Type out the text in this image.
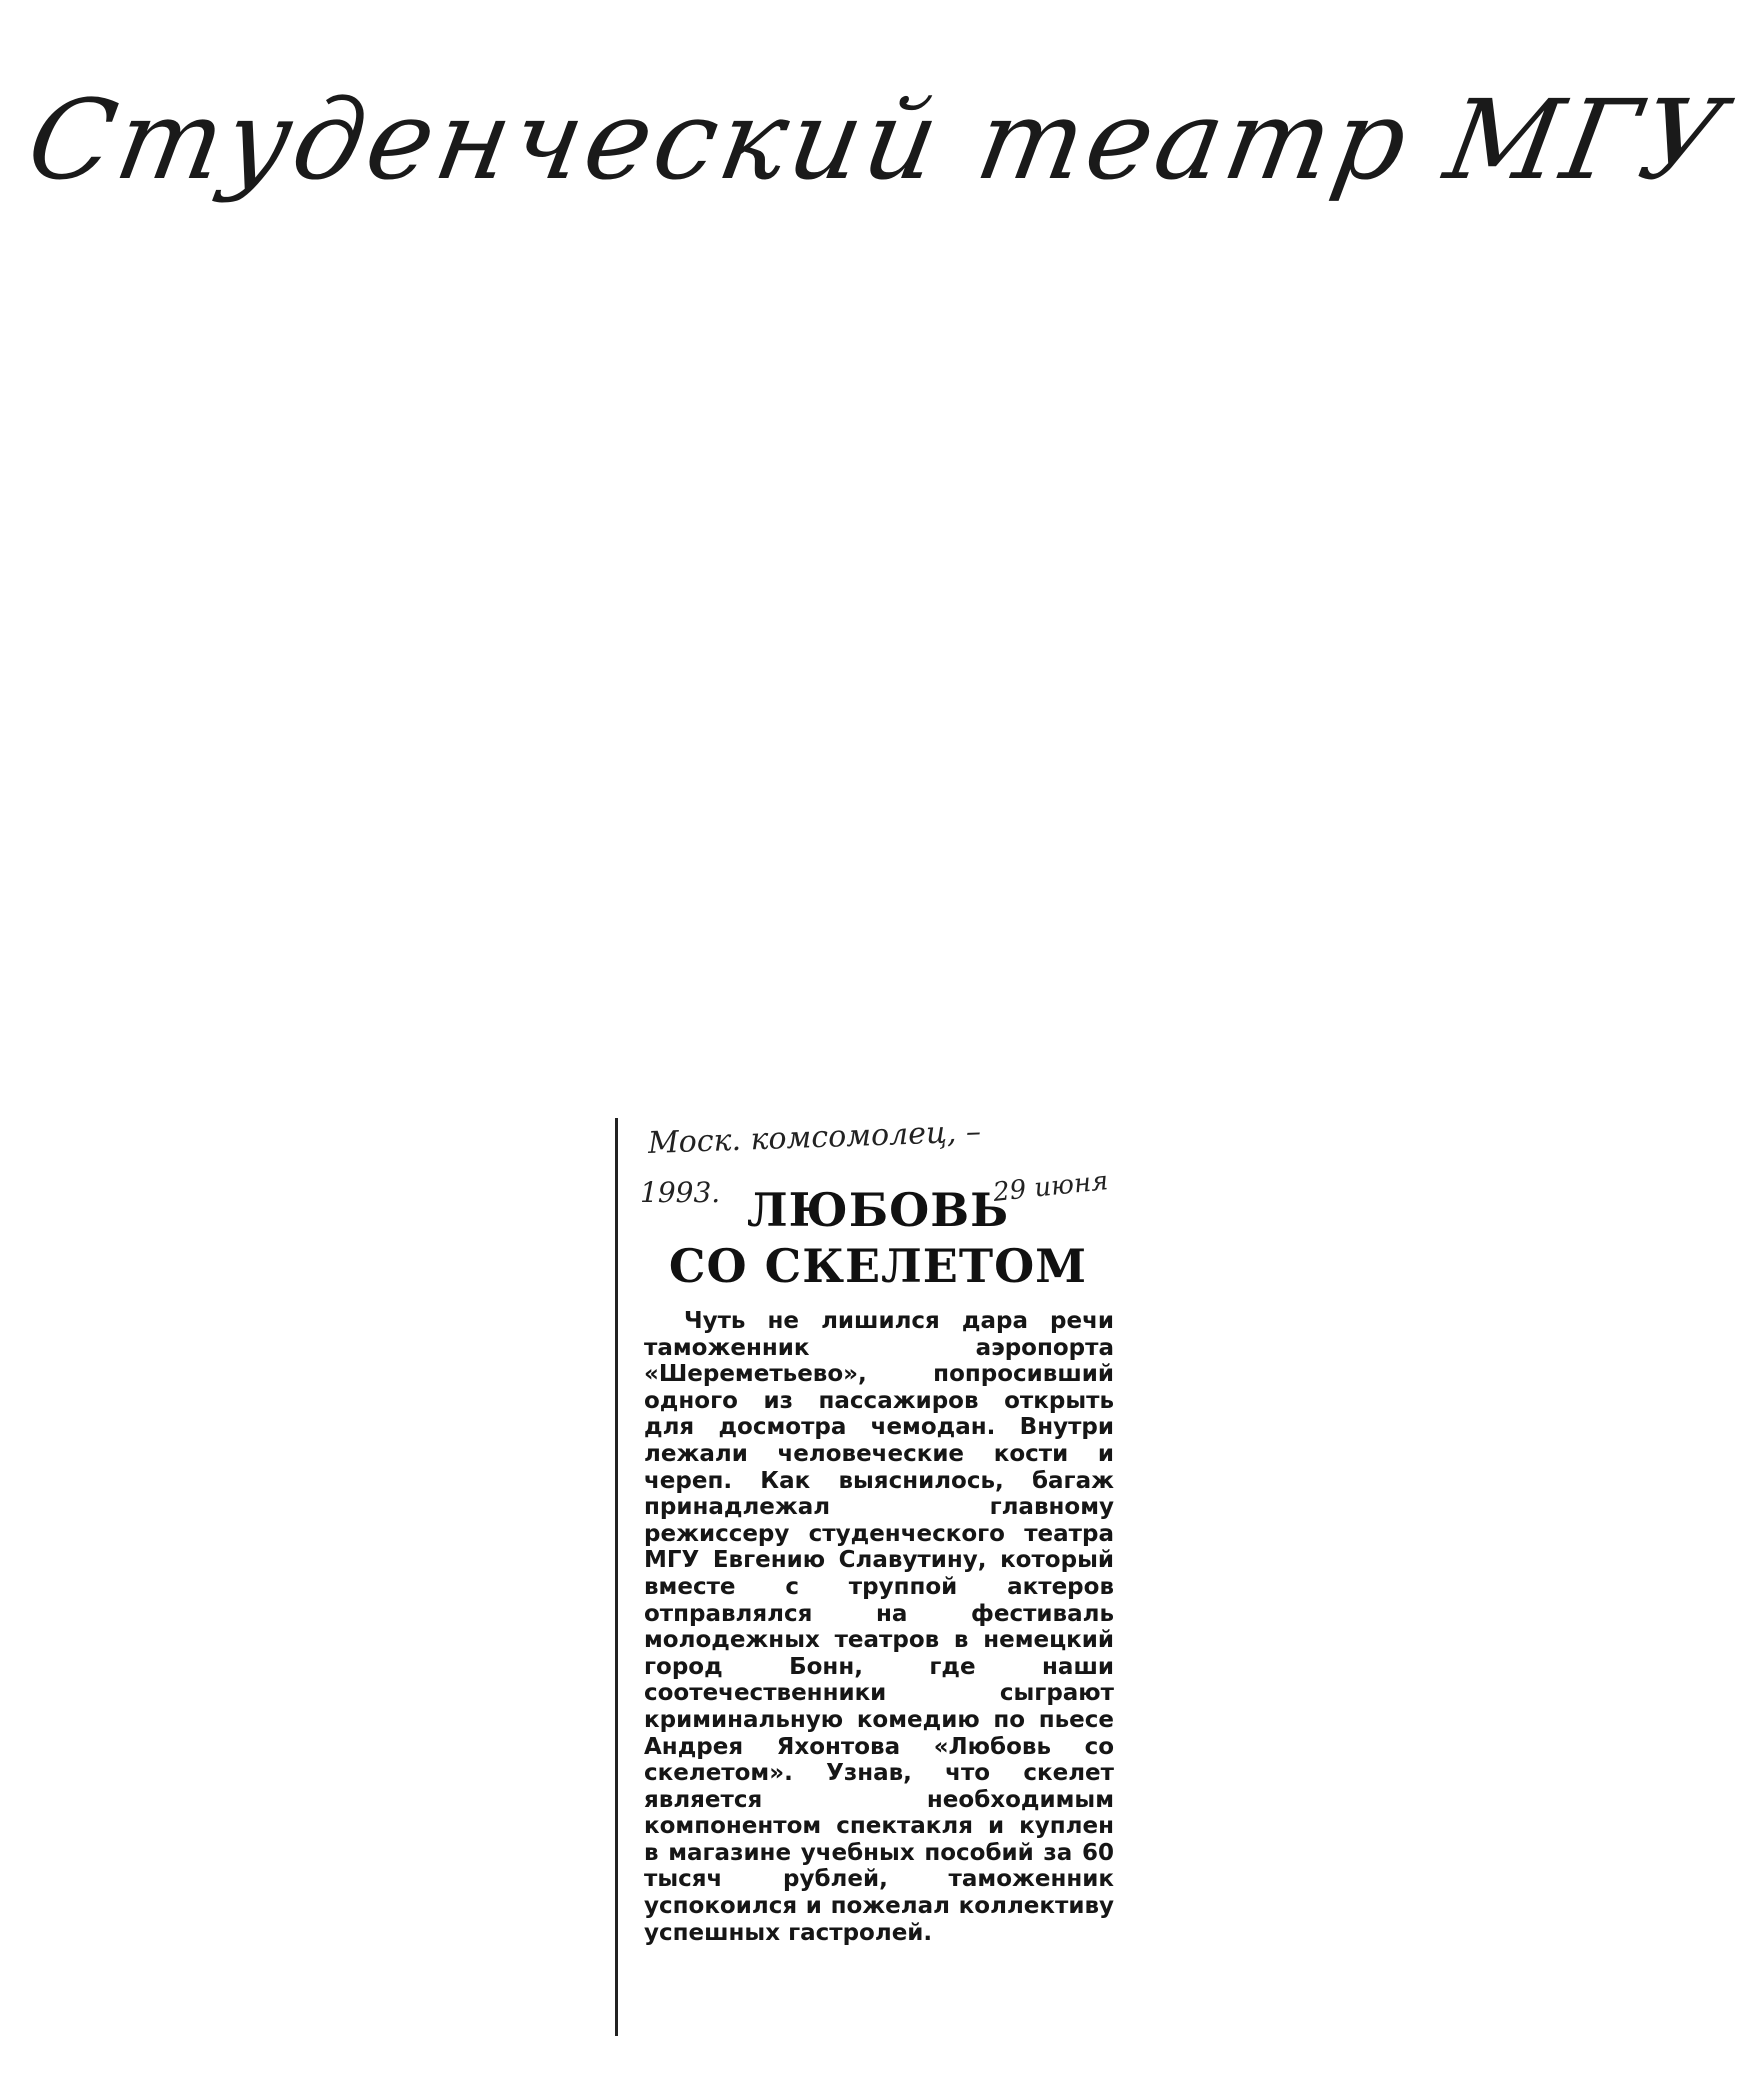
Студенческий театр МГУ
Моск. комсомолец, –
1993.	29 июня
ЛЮБОВЬ
СО СКЕЛЕТОМ

Чуть не лишился дара речи таможенник аэропорта «Шереметьево», попросивший одного из пассажиров открыть для досмотра чемодан. Внутри лежали человеческие кости и череп. Как выяснилось, багаж принадлежал главному режиссеру студенческого театра МГУ Евгению Славутину, который вместе с труппой актеров отправлялся на фестиваль молодежных театров в немецкий город Бонн, где наши соотечественники сыграют криминальную комедию по пьесе Андрея Яхонтова «Любовь со скелетом». Узнав, что скелет является необходимым компонентом спектакля и куплен в магазине учебных пособий за 60 тысяч рублей, таможенник успокоился и пожелал коллективу успешных гастролей.
